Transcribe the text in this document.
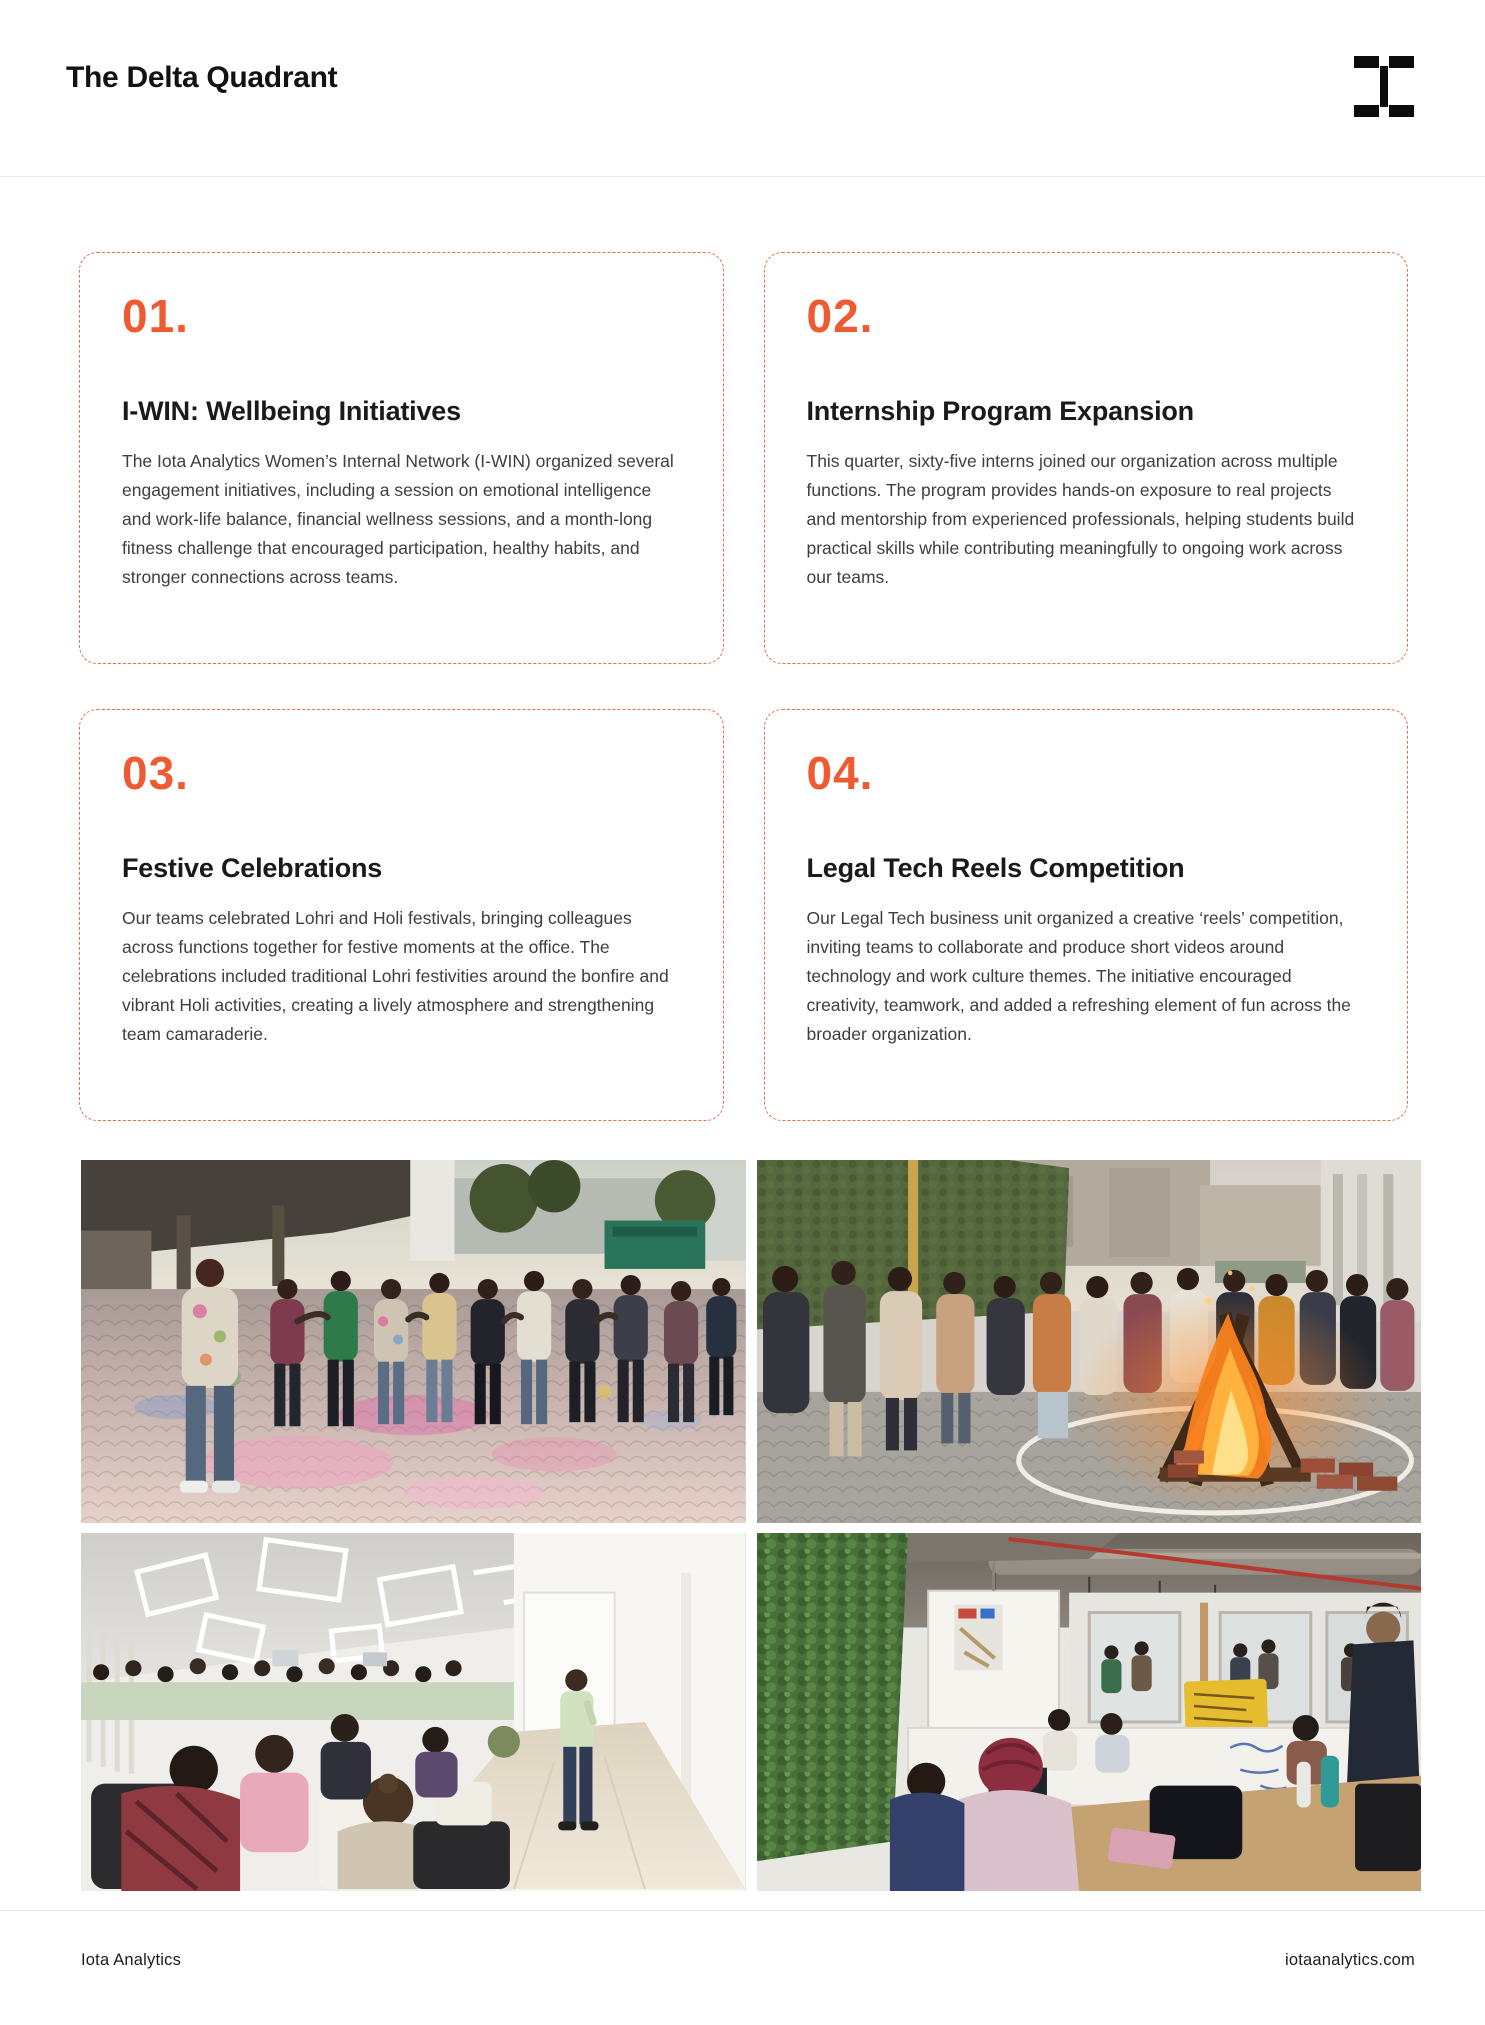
The Delta Quadrant
01.
I-WIN: Wellbeing Initiatives
The Iota Analytics Women’s Internal Network (I-WIN) organized several engagement initiatives, including a session on emotional intelligence and work-life balance, financial wellness sessions, and a month-long fitness challenge that encouraged participation, healthy habits, and stronger connections across teams.
02.
Internship Program Expansion
This quarter, sixty-five interns joined our organization across multiple functions. The program provides hands-on exposure to real projects and mentorship from experienced professionals, helping students build practical skills while contributing meaningfully to ongoing work across our teams.
03.
Festive Celebrations
Our teams celebrated Lohri and Holi festivals, bringing colleagues across functions together for festive moments at the office. The celebrations included traditional Lohri festivities around the bonfire and vibrant Holi activities, creating a lively atmosphere and strengthening team camaraderie.
04.
Legal Tech Reels Competition
Our Legal Tech business unit organized a creative ‘reels’ competition, inviting teams to collaborate and produce short videos around technology and work culture themes. The initiative encouraged creativity, teamwork, and added a refreshing element of fun across the broader organization.
Iota Analytics	iotaanalytics.com
